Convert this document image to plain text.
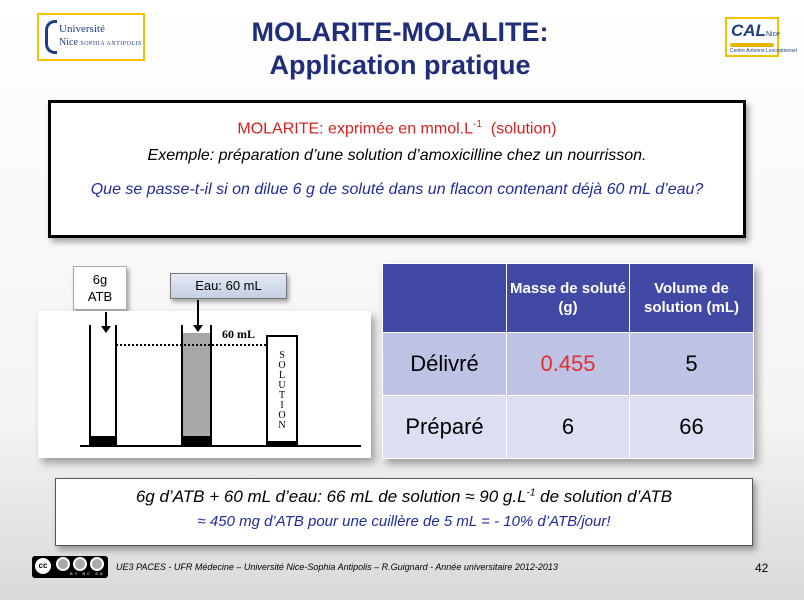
Université
Nice SOPHIA ANTIPOLIS
CALNice
Centre Antenne Lexceptionnel
MOLARITE-MOLALITE:
Application pratique
MOLARITE: exprimée en $mmol.L^{-1}$  (solution)
Exemple: préparation d’une solution d’amoxicilline chez un nourrisson.
Que se passe-t-il si on dilue 6 g de soluté dans un flacon contenant déjà 60 mL d’eau?
6g
ATB
Eau: 60 mL
S
O
L
U
T
I
O
N
60 mL
	Masse de soluté (g)	Volume de solution (mL)
Délivré	0.455	5
Préparé	6	66
6g d’ATB + 60 mL d’eau: 66 mL de solution ≈ 90 $g.L^{-1}$ de solution d’ATB
≈ 450 mg d’ATB pour une cuillère de 5 mL = - 10% d’ATB/jour!
cc
BY NC SA
UE3 PACES - UFR Médecine – Université Nice-Sophia Antipolis – R.Guignard - Année universitaire 2012-2013	42
